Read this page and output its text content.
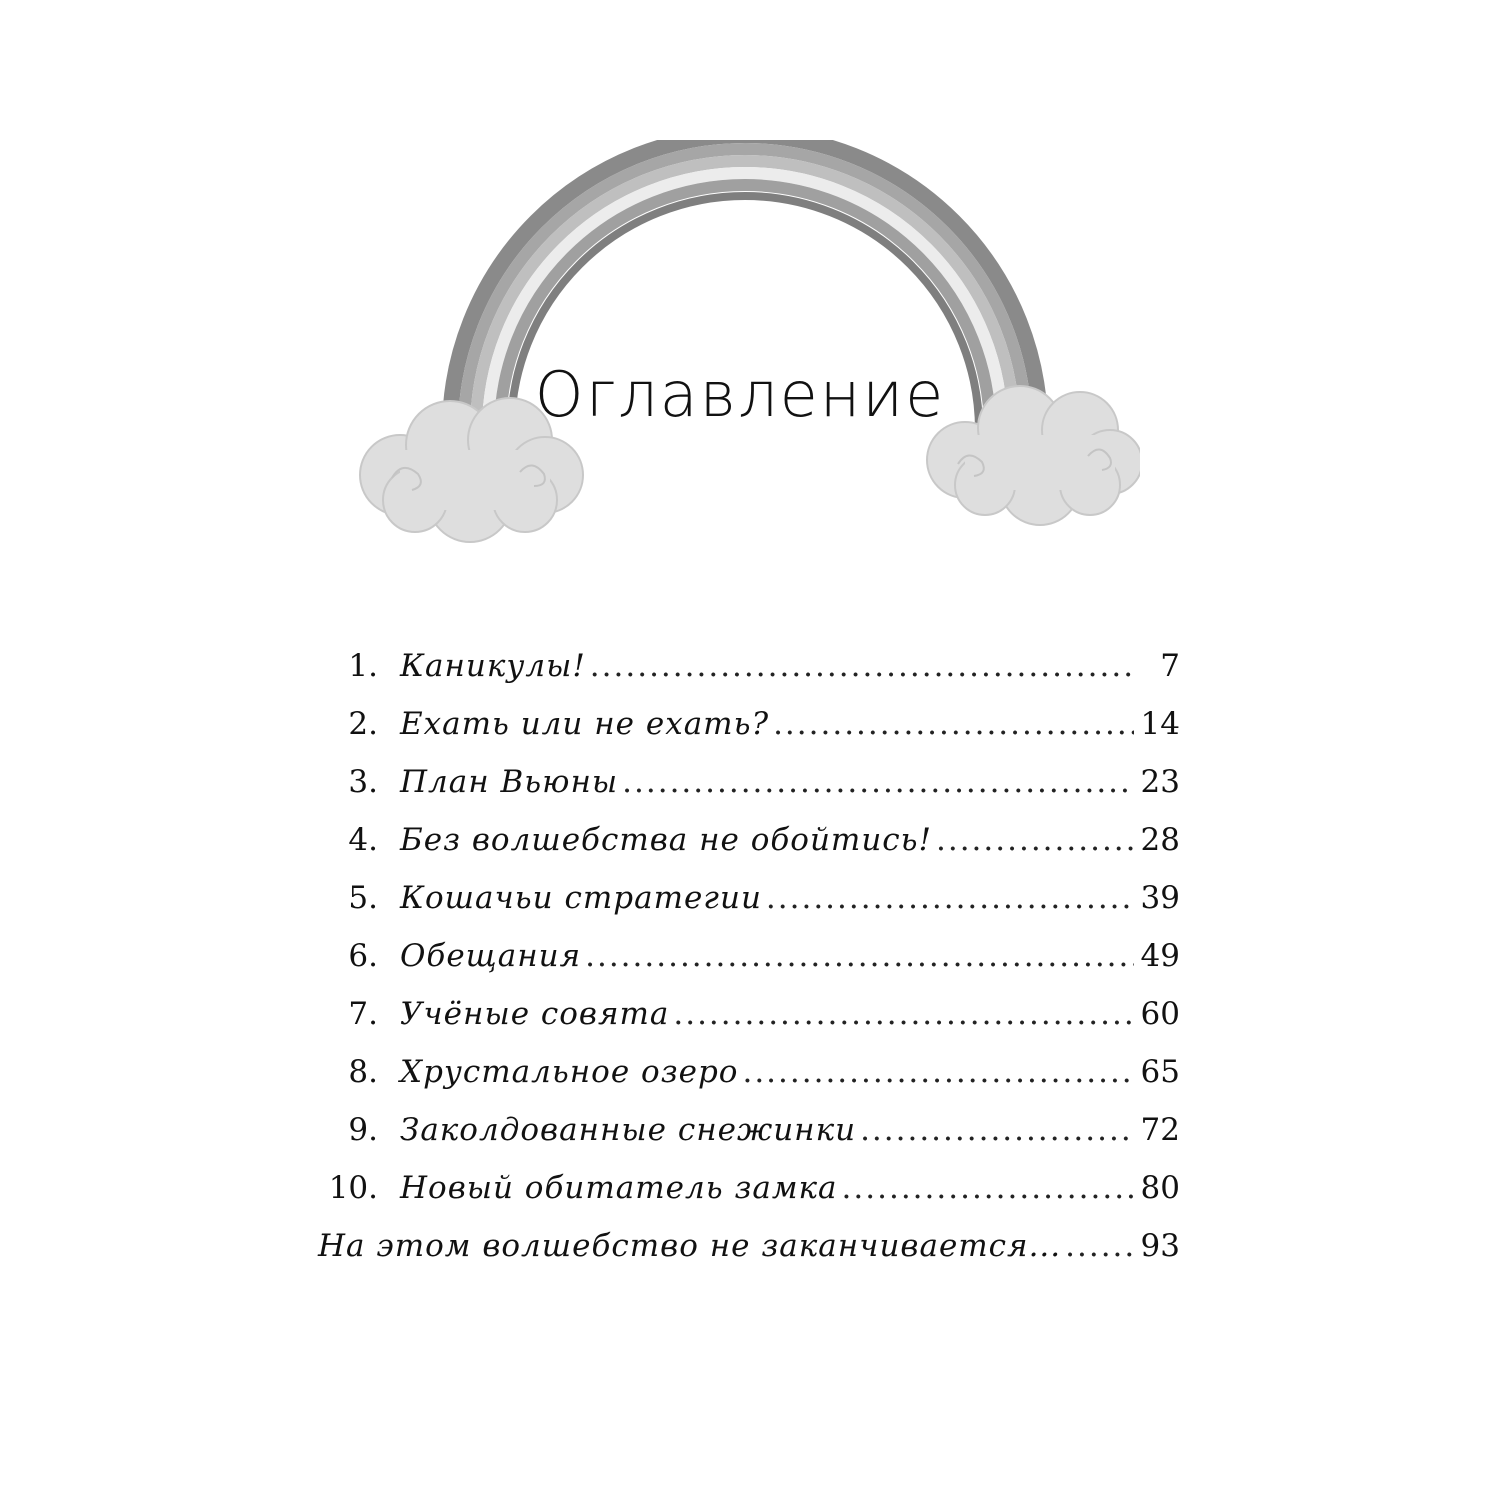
Оглавление
1. Каникулы! .....	7
2. Ехать или не ехать? .....	14
3. План Вьюны .....	23
4. Без волшебства не обойтись! .....	28
5. Кошачьи стратегии .....	39
6. Обещания .....	49
7. Учёные совята .....	60
8. Хрустальное озеро .....	65
9. Заколдованные снежинки .....	72
10. Новый обитатель замка .....	80
На этом волшебство не заканчивается... .....	93
